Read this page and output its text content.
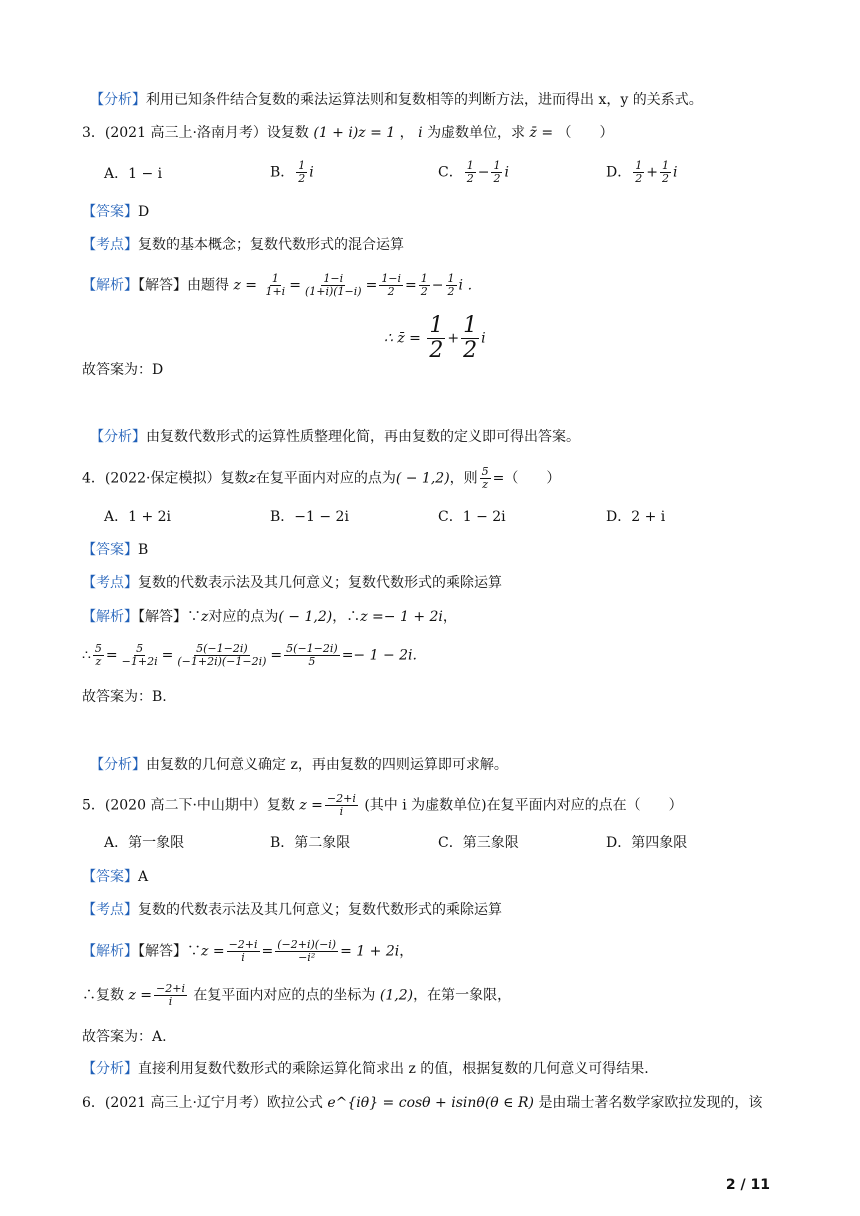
【分析】利用已知条件结合复数的乘法运算法则和复数相等的判断方法，进而得出 x，y 的关系式。
3．(2021 高三上·洛南月考）设复数 (1 + i)z = 1 ， i 为虚数单位，求 z̄ = （　　）
A．1 − i	B． $\frac{1}{2}$ i	C． $\frac{1}{2} - \frac{1}{2}$ i	D． $\frac{1}{2} + \frac{1}{2}$ i
【答案】D
【考点】复数的基本概念；复数代数形式的混合运算
【解析】【解答】由题得 $z = \frac{1}{1+i} = \frac{1-i}{(1+i)(1-i)} = \frac{1-i}{2} = \frac{1}{2} - \frac{1}{2}$ i ．
∴ z̄ = $\frac{1}{2} + \frac{1}{2}$ i
故答案为：D
【分析】由复数代数形式的运算性质整理化简，再由复数的定义即可得出答案。
4．(2022·保定模拟）复数z在复平面内对应的点为( − 1,2)，则 $\frac{5}{z}$ =（　　）
A．1 + 2i	B．−1 − 2i	C．1 − 2i	D．2 + i
【答案】B
【考点】复数的代数表示法及其几何意义；复数代数形式的乘除运算
【解析】【解答】∵z对应的点为( − 1,2)，∴z =− 1 + 2i，
∴ $\frac{5}{z} = \frac{5}{-1+2i} = \frac{5(-1-2i)}{(-1+2i)(-1-2i)} = \frac{5(-1-2i)}{5} =- 1 - 2i$.
故答案为：B.
【分析】由复数的几何意义确定 z，再由复数的四则运算即可求解。
5．(2020 高二下·中山期中）复数 $z = \frac{-2+i}{i}$ (其中 i 为虚数单位)在复平面内对应的点在（　　）
A．第一象限	B．第二象限	C．第三象限	D．第四象限
【答案】A
【考点】复数的代数表示法及其几何意义；复数代数形式的乘除运算
【解析】【解答】∵z = $\frac{-2+i}{i} = \frac{(-2+i)(-i)}{\text{−i²}} = 1 + 2i$，
∴复数 $z = \frac{-2+i}{i}$ 在复平面内对应的点的坐标为 (1,2)，在第一象限，
故答案为：A.
【分析】直接利用复数代数形式的乘除运算化简求出 z 的值，根据复数的几何意义可得结果.
6．(2021 高三上·辽宁月考）欧拉公式 e^{iθ} = cosθ + isinθ(θ ∈ R) 是由瑞士著名数学家欧拉发现的，该
2 / 11
